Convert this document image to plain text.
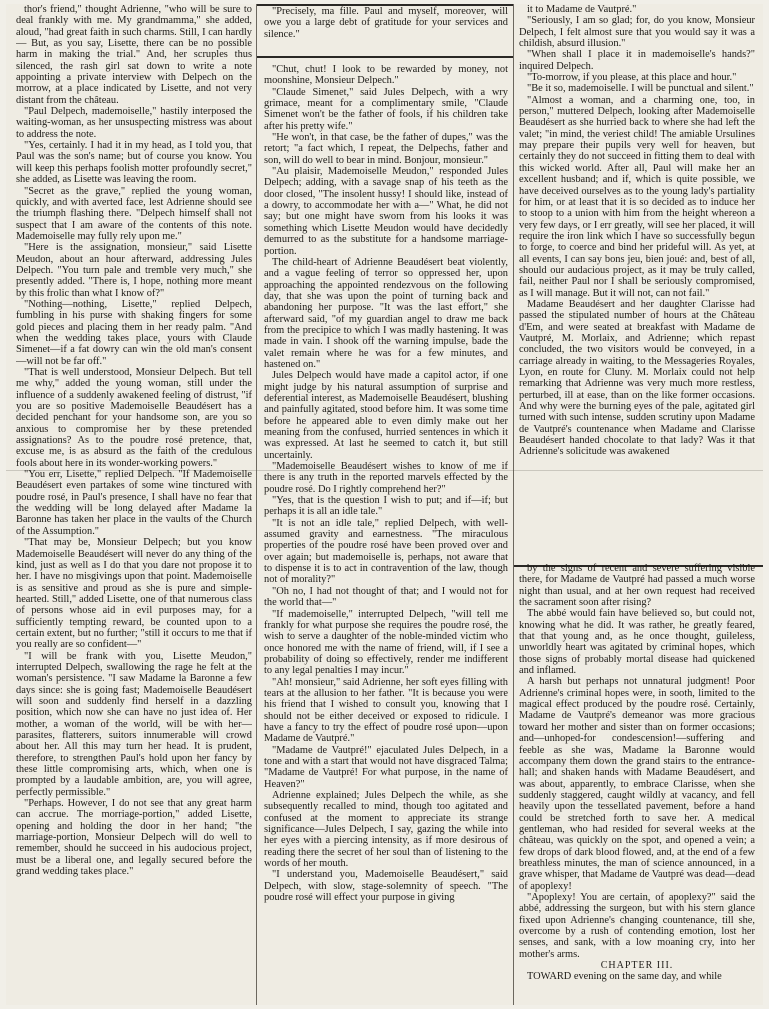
thor's friend," thought Adrienne, "who will be sure to deal frankly with me. My grandmamma," she added, aloud, "had great faith in such charms. Still, I can hardly— But, as you say, Lisette, there can be no possible harm in making the trial." And, her scruples thus silenced, the rash girl sat down to write a note appointing a private interview with Delpech on the morrow, at a place indicated by Lisette, and not very distant from the château.

"Paul Delpech, mademoiselle," hastily interposed the waiting-woman, as her unsuspecting mistress was about to address the note.

"Yes, certainly. I had it in my head, as I told you, that Paul was the son's name; but of course you know. You will keep this perhaps foolish motter profoundly secret," she added, as Lisette was leaving the room.

"Secret as the grave," replied the young woman, quickly, and with averted face, lest Adrienne should see the triumph flashing there. "Delpech himself shall not suspect that I am aware of the contents of this note. Mademoiselle may fully rely upon me."

"Here is the assignation, monsieur," said Lisette Meudon, about an hour afterward, addressing Jules Delpech. "You turn pale and tremble very much," she presently added. "There is, I hope, nothing more meant by this frolic than what I know of?"

"Nothing—nothing, Lisette," replied Delpech, fumbling in his purse with shaking fingers for some gold pieces and placing them in her ready palm. "And when the wedding takes place, yours with Claude Simenet—if a fat dowry can win the old man's consent—will not be far off."

"That is well understood, Monsieur Delpech. But tell me why," added the young woman, still under the influence of a suddenly awakened feeling of distrust, "if you are so positive Mademoiselle Beaudésert has a decided penchant for your handsome son, are you so anxious to compromise her by these pretended assignations? As to the poudre rosé pretence, that, excuse me, is as absurd as the faith of the credulous fools about here in its wonder-working powers."

"You err, Lisette," replied Delpech. "If Mademoiselle Beaudésert even partakes of some wine tinctured with poudre rosé, in Paul's presence, I shall have no fear that the wedding will be long delayed after Madame la Baronne has taken her place in the vaults of the Church of the Assumption."

"That may be, Monsieur Delpech; but you know Mademoiselle Beaudésert will never do any thing of the kind, just as well as I do that you dare not propose it to her. I have no misgivings upon that point. Mademoiselle is as sensitive and proud as she is pure and simple-hearted. Still," added Lisette, one of that numerous class of persons whose aid in evil purposes may, for a sufficiently tempting reward, be counted upon to a certain extent, but no further; "still it occurs to me that if you really are so confident—"

"I will be frank with you, Lisette Meudon," interrupted Delpech, swallowing the rage he felt at the woman's persistence. "I saw Madame la Baronne a few days since: she is going fast; Mademoiselle Beaudésert will soon and suddenly find herself in a dazzling position, which now she can have no just idea of. Her mother, a woman of the world, will be with her—parasites, flatterers, suitors innumerable will crowd about her. All this may turn her head. It is prudent, therefore, to strengthen Paul's hold upon her fancy by these little compromising arts, which, when one is prompted by a laudable ambition, are, you will agree, perfectly permissible."

"Perhaps. However, I do not see that any great harm can accrue. The morriage-portion," added Lisette, opening and holding the door in her hand; "the marriage-portion, Monsieur Delpech will do well to remember, should he succeed in his audocious project, must be a liberal one, and legally secured before the grand wedding takes place."

"Precisely, ma fille. Paul and myself, moreover, will owe you a large debt of gratitude for your services and silence."

"Chut, chut! I look to be rewarded by money, not moonshine, Monsieur Delpech."

"Claude Simenet," said Jules Delpech, with a wry grimace, meant for a complimentary smile, "Claude Simenet won't be the father of fools, if his children take after his pretty wife."

"He won't, in that case, be the father of dupes," was the retort; "a fact which, I repeat, the Delpechs, father and son, will do well to bear in mind. Bonjour, monsieur."

"Au plaisir, Mademoiselle Meudon," responded Jules Delpech; adding, with a savage snap of his teeth as the door closed, "The insolent hussy! I should like, instead of a dowry, to accommodate her with a—" What, he did not say; but one might have sworn from his looks it was something which Lisette Meudon would have decidedly demurred to as the substitute for a handsome marriage-portion.

The child-heart of Adrienne Beaudésert beat violently, and a vague feeling of terror so oppressed her, upon approaching the appointed rendezvous on the following day, that she was upon the point of turning back and abandoning her purpose. "It was the last effort," she afterward said, "of my guardian angel to draw me back from the precipice to which I was madly hastening. It was made in vain. I shook off the warning impulse, bade the valet remain where he was for a few minutes, and hastened on."

Jules Delpech would have made a capitol actor, if one might judge by his natural assumption of surprise and deferential interest, as Mademoiselle Beaudésert, blushing and painfully agitated, stood before him. It was some time before he appeared able to even dimly make out her meaning from the confused, hurried sentences in which it was expressed. At last he seemed to catch it, but still uncertainly.

"Mademoiselle Beaudésert wishes to know of me if there is any truth in the reported marvels effected by the poudre rosé. Do I rightly comprehend her?"

"Yes, that is the question I wish to put; and if—if; but perhaps it is all an idle tale."

"It is not an idle tale," replied Delpech, with well-assumed gravity and earnestness. "The miraculous properties of the poudre rosé have been proved over and over again; but mademoiselle is, perhaps, not aware that to dispense it is to act in contravention of the law, though not of morality?"

"Oh no, I had not thought of that; and I would not for the world that—"

"If mademoiselle," interrupted Delpech, "will tell me frankly for what purpose she requires the poudre rosé, the wish to serve a daughter of the noble-minded victim who once honored me with the name of friend, will, if I see a probability of doing so effectively, render me indifferent to any legal penalties I may incur."

"Ah! monsieur," said Adrienne, her soft eyes filling with tears at the allusion to her father. "It is because you were his friend that I wished to consult you, knowing that I should not be either deceived or exposed to ridicule. I have a fancy to try the effect of poudre rosé upon—upon Madame de Vautpré."

"Madame de Vautpré!" ejaculated Jules Delpech, in a tone and with a start that would not have disgraced Talma; "Madame de Vautpré! For what purpose, in the name of Heaven?"

Adrienne explained; Jules Delpech the while, as she subsequently recalled to mind, though too agitated and confused at the moment to appreciate its strange significance—Jules Delpech, I say, gazing the while into her eyes with a piercing intensity, as if more desirous of reading there the secret of her soul than of listening to the words of her mouth.

"I understand you, Mademoiselle Beaudésert," said Delpech, with slow, stage-solemnity of speech. "The poudre rosé will effect your purpose in giving

it to Madame de Vautpré."

"Seriously, I am so glad; for, do you know, Monsieur Delpech, I felt almost sure that you would say it was a childish, absurd illusion."

"When shall I place it in mademoiselle's hands?" inquired Delpech.

"To-morrow, if you please, at this place and hour."

"Be it so, mademoiselle. I will be punctual and silent."

"Almost a woman, and a charming one, too, in person," muttered Delpech, looking after Mademoiselle Beaudésert as she hurried back to where she had left the valet; "in mind, the veriest child! The amiable Ursulines may prepare their pupils very well for heaven, but certainly they do not succeed in fitting them to deal with this wicked world. After all, Paul will make her an excellent husband; and if, which is quite possible, we have deceived ourselves as to the young lady's partiality for him, or at least that it is so decided as to induce her to stoop to a union with him from the height whereon a very few days, or I err greatly, will see her placed, it will require the iron link which I have so successfully begun to forge, to coerce and bind her prideful will. As yet, at all events, I can say bons jeu, bien joué: and, best of all, should our audacious project, as it may be truly called, fail, neither Paul nor I shall be seriously compromised, as I will manage. But it will not, can not fail."

Madame Beaudésert and her daughter Clarisse had passed the stipulated number of hours at the Château d'Em, and were seated at breakfast with Madame de Vautpré, M. Morlaix, and Adrienne; which repast concluded, the two visitors would be conveyed, in a carriage already in waiting, to the Messageries Royales, Lyon, en route for Cluny. M. Morlaix could not help remarking that Adrienne was very much more restless, perturbed, ill at ease, than on the like former occasions. And why were the burning eyes of the pale, agitated girl turned with such intense, sudden scrutiny upon Madame de Vautpré's countenance when Madame and Clarisse Beaudésert handed chocolate to that lady? Was it that Adrienne's solicitude was awakened

by the signs of recent and severe suffering visible there, for Madame de Vautpré had passed a much worse night than usual, and at her own request had received the sacrament soon after rising?

The abbé would fain have believed so, but could not, knowing what he did. It was rather, he greatly feared, that that young and, as he once thought, guileless, unworldly heart was agitated by criminal hopes, which those signs of probably mortal disease had quickened and inflamed.

A harsh but perhaps not unnatural judgment! Poor Adrienne's criminal hopes were, in sooth, limited to the magical effect produced by the poudre rosé. Certainly, Madame de Vautpré's demeanor was more gracious toward her mother and sister than on former occasions; and—unhoped-for condescension!—suffering and feeble as she was, Madame la Baronne would accompany them down the grand stairs to the entrance-hall; and shaken hands with Madame Beaudésert, and was about, apparently, to embrace Clarisse, when she suddenly staggered, caught wildly at vacancy, and fell heavily upon the tessellated pavement, before a hand could be stretched forth to save her. A medical gentleman, who had resided for several weeks at the château, was quickly on the spot, and opened a vein; a few drops of dark blood flowed, and, at the end of a few breathless minutes, the man of science announced, in a grave whisper, that Madame de Vautpré was dead—dead of apoplexy!

"Apoplexy! You are certain, of apoplexy?" said the abbé, addressing the surgeon, but with his stern glance fixed upon Adrienne's changing countenance, till she, overcome by a rush of contending emotion, lost her senses, and sank, with a low moaning cry, into her mother's arms.

CHAPTER III.

TOWARD evening on the same day, and while
